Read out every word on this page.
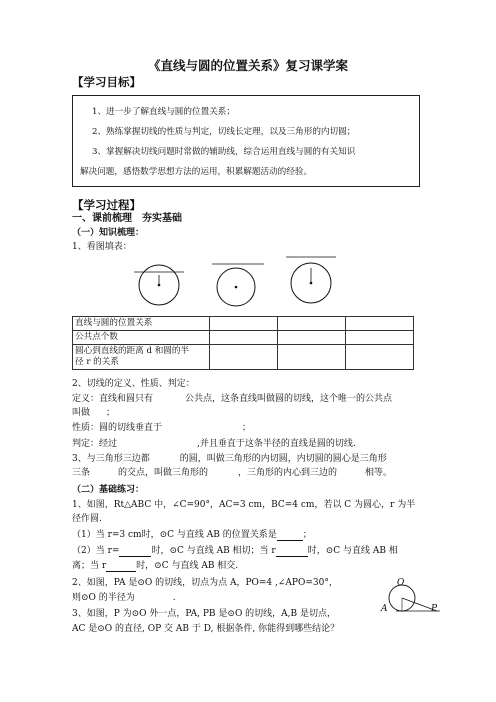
《直线与圆的位置关系》复习课学案
【学习目标】
1、进一步了解直线与圆的位置关系；
2、熟练掌握切线的性质与判定，切线长定理，以及三角形的内切圆；
3、掌握解决切线问题时常做的辅助线，综合运用直线与圆的有关知识
解决问题，感悟数学思想方法的运用，积累解题活动的经验。
【学习过程】
一、课前梳理　夯实基础
（一）知识梳理：
1、看图填表：
O
A	P
直线与圆的位置关系			
公共点个数			

圆心到直线的距离 d 和圆的半
径 r 的关系			

2、切线的定义、性质、判定：
定义：直线和圆只有	公共点，这条直线叫做圆的切线，这个唯一的公共点
叫做 ；
性质：圆的切线垂直于	；
判定：经过	,并且垂直于这条半径的直线是圆的切线.
3、与三角形三边都	的圆，叫做三角形的内切圆，内切圆的圆心是三角形
三条	的交点，叫做三角形的	，三角形的内心到三边的	相等。
（二）基础练习：
1、如图，Rt△ABC 中，∠C=90°，AC=3 cm，BC=4 cm，若以 C 为圆心，r 为半
径作圆.
（1）当 r=3 cm时，⊙C 与直线 AB 的位置关系是	；
（2）当 r=	时，⊙C 与直线 AB 相切；当 r	时，⊙C 与直线 AB 相
离；当 r	时，⊙C 与直线 AB 相交.
2、如图，PA 是⊙O 的切线，切点为点 A，PO=4 ,∠APO=30°，
则⊙O 的半径为	.
3、如图，P 为⊙O 外一点，PA, PB 是⊙O 的切线，A,B 是切点，
AC 是⊙O 的直径, OP 交 AB 于 D, 根据条件, 你能得到哪些结论？
